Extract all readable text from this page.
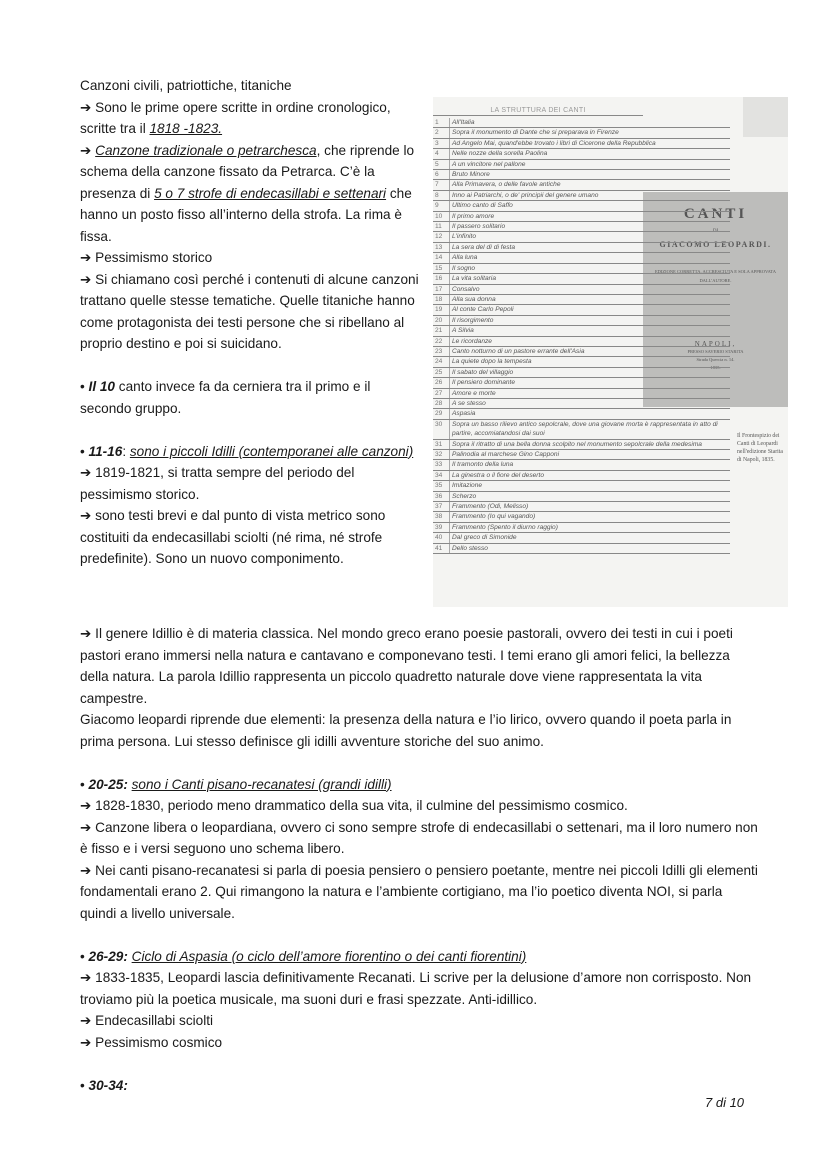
Canzoni civili, patriottiche, titaniche

➔ Sono le prime opere scritte in ordine cronologico, scritte tra il 1818 -1823.

➔ Canzone tradizionale o petrarchesca, che riprende lo schema della canzone fissato da Petrarca. C’è la presenza di 5 o 7 strofe di endecasillabi e settenari che hanno un posto fisso all’interno della strofa. La rima è fissa.

➔ Pessimismo storico

➔ Si chiamano così perché i contenuti di alcune canzoni trattano quelle stesse tematiche. Quelle titaniche hanno come protagonista dei testi persone che si ribellano al proprio destino e poi si suicidano.

• Il 10 canto invece fa da cerniera tra il primo e il secondo gruppo.

• 11-16: sono i piccoli Idilli (contemporanei alle canzoni)

➔ 1819-1821, si tratta sempre del periodo del pessimismo storico.

➔ sono testi brevi e dal punto di vista metrico sono costituiti da endecasillabi sciolti (né rima, né strofe predefinite). Sono un nuovo componimento.

LA STRUTTURA DEI CANTI
CANTI
DI
GIACOMO LEOPARDI.
EDIZIONE CORRETTA, ACCRESCIUTA E SOLA APPROVATA DALL'AUTORE.
NAPOLI,
PRESSO SAVERIO STARITA
Strada Quercia n. 14.
1835.
1	All'Italia
2	Sopra il monumento di Dante che si preparava in Firenze
3	Ad Angelo Mai, quand'ebbe trovato i libri di Cicerone della Repubblica
4	Nelle nozze della sorella Paolina
5	A un vincitore nel pallone
6	Bruto Minore
7	Alla Primavera, o delle favole antiche
8	Inno ai Patriarchi, o de' principii del genere umano
9	Ultimo canto di Saffo
10	Il primo amore
11	Il passero solitario
12	L'infinito
13	La sera del dì di festa
14	Alla luna
15	Il sogno
16	La vita solitaria
17	Consalvo
18	Alla sua donna
19	Al conte Carlo Pepoli
20	Il risorgimento
21	A Silvia
22	Le ricordanze
23	Canto notturno di un pastore errante dell'Asia
24	La quiete dopo la tempesta
25	Il sabato del villaggio
26	Il pensiero dominante
27	Amore e morte
28	A se stesso
29	Aspasia
30	Sopra un basso rilievo antico sepolcrale, dove una giovane morta è rappresentata in atto di partire, accomiatandosi dai suoi
31	Sopra il ritratto di una bella donna scolpito nel monumento sepolcrale della medesima
32	Palinodia al marchese Gino Capponi
33	Il tramonto della luna
34	La ginestra o il fiore del deserto
35	Imitazione
36	Scherzo
37	Frammento (Odi, Melisso)
38	Frammento (Io qui vagando)
39	Frammento (Spento il diurno raggio)
40	Dal greco di Simonide
41	Dello stesso
Il Frontespizio dei Canti di Leopardi nell'edizione Starita di Napoli, 1835.

➔ Il genere Idillio è di materia classica. Nel mondo greco erano poesie pastorali, ovvero dei testi in cui i poeti pastori erano immersi nella natura e cantavano e componevano testi. I temi erano gli amori felici, la bellezza della natura. La parola Idillio rappresenta un piccolo quadretto naturale dove viene rappresentata la vita campestre.

Giacomo leopardi riprende due elementi: la presenza della natura e l’io lirico, ovvero quando il poeta parla in prima persona. Lui stesso definisce gli idilli avventure storiche del suo animo.

• 20-25: sono i Canti pisano-recanatesi (grandi idilli)

➔ 1828-1830, periodo meno drammatico della sua vita, il culmine del pessimismo cosmico.

➔ Canzone libera o leopardiana, ovvero ci sono sempre strofe di endecasillabi o settenari, ma il loro numero non è fisso e i versi seguono uno schema libero.

➔ Nei canti pisano-recanatesi si parla di poesia pensiero o pensiero poetante, mentre nei piccoli Idilli gli elementi fondamentali erano 2. Qui rimangono la natura e l’ambiente cortigiano, ma l’io poetico diventa NOI, si parla quindi a livello universale.

• 26-29: Ciclo di Aspasia (o ciclo dell’amore fiorentino o dei canti fiorentini)

➔ 1833-1835, Leopardi lascia definitivamente Recanati. Li scrive per la delusione d’amore non corrisposto. Non troviamo più la poetica musicale, ma suoni duri e frasi spezzate. Anti-idillico.

➔ Endecasillabi sciolti

➔ Pessimismo cosmico

• 30-34:

7 di 10
